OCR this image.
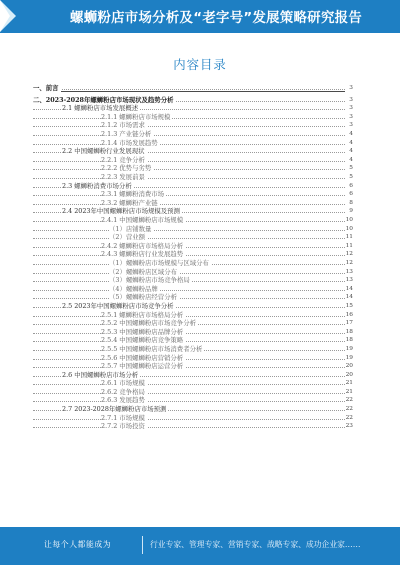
螺蛳粉店市场分析及“老字号”发展策略研究报告
内容目录
一、前言	3
二、2023-2028年螺蛳粉店市场现状及趋势分析	3
2.1 螺蛳粉店市场发展概述	3
2.1.1 螺蛳粉店市场规模	3
2.1.2 市场需求	3
2.1.3 产业链分析	4
2.1.4 市场发展趋势	4
2.2 中国螺蛳粉行业发展现状	4
2.2.1 竞争分析	4
2.2.2 优势与劣势	5
2.2.3 发展前景	5
2.3 螺蛳粉消费市场分析	6
2.3.1 螺蛳粉消费市场	6
2.3.2 螺蛳粉产业链	8
2.4 2023年中国螺蛳粉店市场规模及预测	9
2.4.1 中国螺蛳粉店市场规模	10
（1）店铺数量	10
（2）营业额	11
2.4.2 螺蛳粉店市场格局分析	11
2.4.3 螺蛳粉店行业发展趋势	12
（1）螺蛳粉店市场规模与区域分布	12
（2）螺蛳粉店区域分布	13
（3）螺蛳粉店市场竞争格局	13
（4）螺蛳粉品牌	14
（5）螺蛳粉店经营分析	14
2.5 2023年中国螺蛳粉店市场竞争分析	15
2.5.1 螺蛳粉店市场格局分析	16
2.5.2 中国螺蛳粉店市场竞争分析	17
2.5.3 中国螺蛳粉店品牌分析	18
2.5.4 中国螺蛳粉店竞争策略	18
2.5.5 中国螺蛳粉店市场消费者分析	19
2.5.6 中国螺蛳粉店营销分析	19
2.5.7 中国螺蛳粉店运营分析	20
2.6 中国螺蛳粉店市场分析	20
2.6.1 市场规模	21
2.6.2 竞争格局	21
2.6.3 发展趋势	22
2.7 2023-2028年螺蛳粉店市场预测	22
2.7.1 市场规模	22
2.7.2 市场投资	23
让每个人都能成为	行业专家、管理专家、营销专家、战略专家、成功企业家……
